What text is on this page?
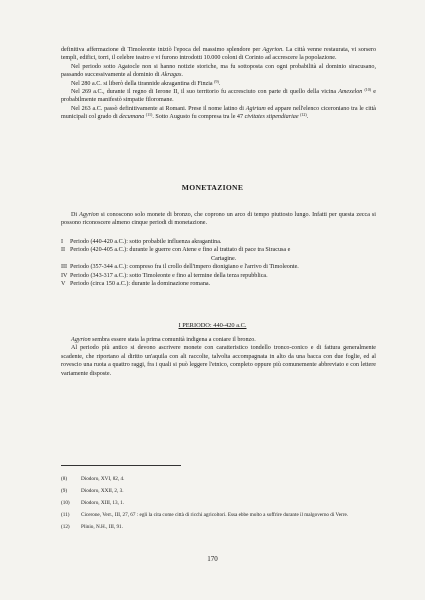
definitiva affermazione di Timoleonte iniziò l'epoca del massimo splendore per Agyrion. La città venne restaurata, vi sorsero templi, edifici, torri, il celebre teatro e vi furono introdotti 10.000 coloni di Corinto ad accrescere la popolazione.

Nel periodo sotto Agatocle non si hanno notizie storiche, ma fu sottoposta con ogni probabilità al dominio siracusano, passando successivamente al dominio di Akragas.

Nel 280 a.C. si liberò della tirannide akragantina di Finzia $^{(9)}$.

Nel 269 a.C., durante il regno di Ierone II, il suo territorio fu accresciuto con parte di quello della vicina Amexelon $^{(10)}$ e probabilmente manifestò simpatie filoromane.

Nel 263 a.C. passò definitivamente ai Romani. Prese il nome latino di Agirium ed appare nell'elenco ciceroniano tra le città municipali col grado di decumana $^{(11)}$. Sotto Augusto fu compresa tra le 47 civitates stipendiariae $^{(12)}$.

MONETAZIONE

Di Agyrion si conoscono solo monete di bronzo, che coprono un arco di tempo piuttosto lungo. Infatti per questa zecca si possono riconoscere almeno cinque periodi di monetazione.

I	Periodo (440-420 a.C.): sotto probabile influenza akragantina.
II Periodo (420-405 a.C.): durante le guerre con Atene e fino al trattato di pace tra Siracusa e
Cartagine.
III Periodo (357-344 a.C.): compreso fra il crollo dell'impero dionigiano e l'arrivo di Timoleonte.
IV Periodo (343-317 a.C.): sotto Timoleonte e fino al termine della terza repubblica.
V Periodo (circa 150 a.C.): durante la dominazione romana.
I PERIODO: 440-420 a.C.

Agyrion sembra essere stata la prima comunità indigena a coniare il bronzo.

Al periodo più antico si devono ascrivere monete con caratteristico tondello tronco-conico e di fattura generalmente scadente, che riportano al diritto un'aquila con ali raccolte, talvolta accompagnata in alto da una bacca con due foglie, ed al rovescio una ruota a quattro raggi, fra i quali si può leggere l'etnico, completo oppure più comunemente abbreviato e con lettere variamente disposte.

(8)	Diodoro, XVI, 82, 4.
(9)	Diodoro, XXII, 2, 3.
(10)	Diodoro, XIII, 13, 1.
(11)	Cicerone, Verr., III, 27, 67 : egli la cita come città di ricchi agricoltori. Essa ebbe molto a soffrire durante il malgoverno di Verre.
(12)	Plinio, N.H., III, 91.
170
